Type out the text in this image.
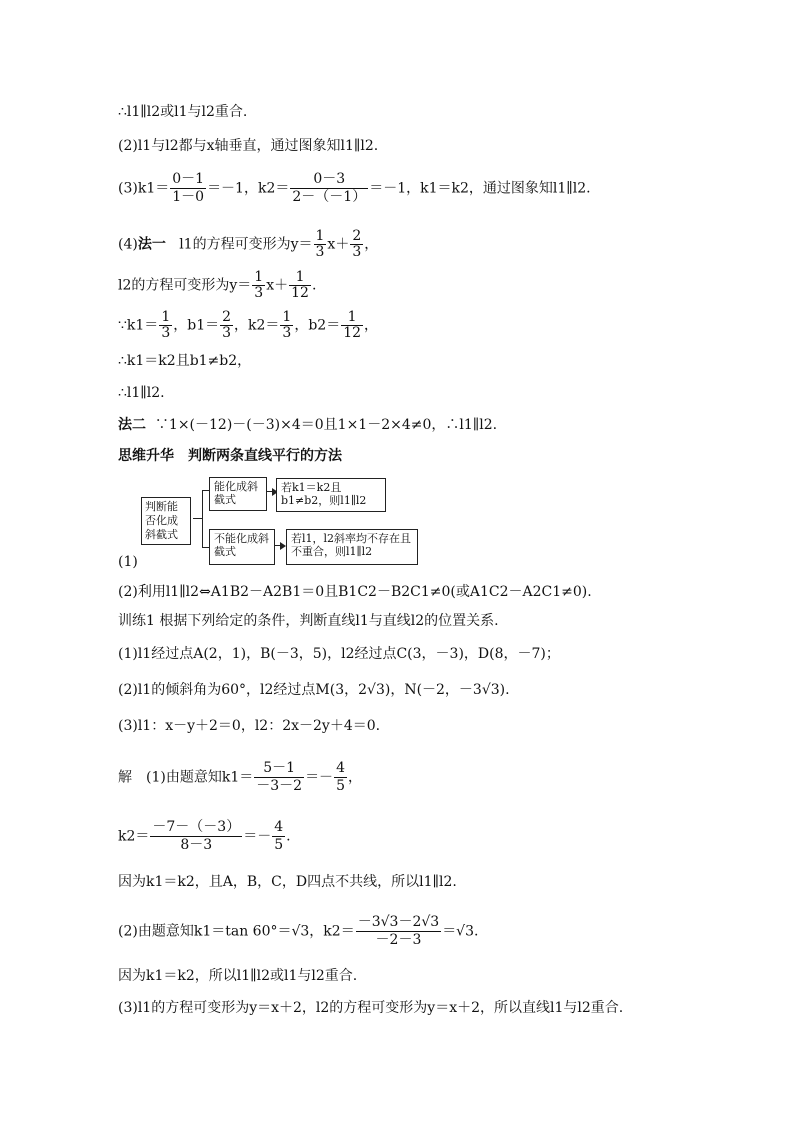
∴l1∥l2或l1与l2重合.
(2)l1与l2都与x轴垂直，通过图象知l1∥l2.
$(3)k1= \frac{0-1}{1-0} =-1$，$k2= \frac{0-3}{2-(-1)} =-1$，k1＝k2，通过图象知l1∥l2.
(4)法一 l1的方程可变形为$y= \frac{1}{3} x+ \frac{2}{3}$ ，
l2的方程可变形为$y= \frac{1}{3} x+ \frac{1}{12}$ .
∵k1＝ $\frac{1}{3}$ ，$b1= \frac{2}{3}$ ，$k2= \frac{1}{3}$ ，$b2= \frac{1}{12}$ ，
∴k1＝k2且b1≠b2，
∴l1∥l2.
法二 ∵1×(－12)－(－3)×4＝0且1×1－2×4≠0，∴l1∥l2.
思维升华　判断两条直线平行的方法
判断能否化成斜截式
能化成斜截式
不能化成斜截式
若k1＝k2且b1≠b2，则l1∥l2
若l1，l2斜率均不存在且不重合，则l1∥l2
(1)
(2)利用l1∥l2⇔A1B2－A2B1＝0且B1C2－B2C1≠0(或A1C2－A2C1≠0).
训练1 根据下列给定的条件，判断直线l1与直线l2的位置关系.
(1)l1经过点A(2，1)，B(－3，5)，l2经过点C(3，－3)，D(8，－7)；
(2)l1的倾斜角为60°，l2经过点M(3，2√3)，N(－2，－3√3).
(3)l1：x－y＋2＝0，l2：2x－2y＋4＝0.
解　(1)由题意知$k1= \frac{5-1}{-3-2} =- \frac{4}{5}$ ，
$k2= \frac{-7-(-3)}{8-3} =- \frac{4}{5}$ .
因为k1＝k2，且A，B，C，D四点不共线，所以l1∥l2.
(2)由题意知k1＝tan 60°＝√3，$k2= \frac{-3√3-2√3}{-2-3} =√3$.
因为k1＝k2，所以l1∥l2或l1与l2重合.
(3)l1的方程可变形为y＝x＋2，l2的方程可变形为y＝x＋2，所以直线l1与l2重合.
